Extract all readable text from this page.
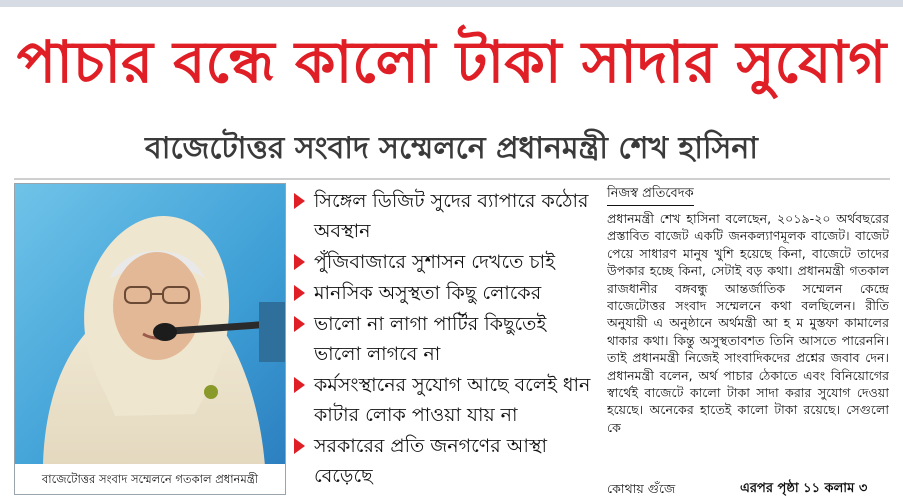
পাচার বন্ধে কালো টাকা সাদার সুযোগ
বাজেটোত্তর সংবাদ সম্মেলনে প্রধানমন্ত্রী শেখ হাসিনা
বাজেটোত্তর সংবাদ সম্মেলনে গতকাল প্রধানমন্ত্রী
সিঙ্গেল ডিজিট সুদের ব্যাপারে কঠোর অবস্থান
পুঁজিবাজারে সুশাসন দেখতে চাই
মানসিক অসুস্থতা কিছু লোকের
ভালো না লাগা পার্টির কিছুতেই ভালো লাগবে না
কর্মসংস্থানের সুযোগ আছে বলেই ধান কাটার লোক পাওয়া যায় না
সরকারের প্রতি জনগণের আস্থা বেড়েছে
নিজস্ব প্রতিবেদক

প্রধানমন্ত্রী শেখ হাসিনা বলেছেন, ২০১৯-২০ অর্থবছরের প্রস্তাবিত বাজেট একটি জনকল্যাণমূলক বাজেট। বাজেট পেয়ে সাধারণ মানুষ খুশি হয়েছে কিনা, বাজেটে তাদের উপকার হচ্ছে কিনা, সেটাই বড় কথা। প্রধানমন্ত্রী গতকাল রাজধানীর বঙ্গবন্ধু আন্তর্জাতিক সম্মেলন কেন্দ্রে বাজেটোত্তর সংবাদ সম্মেলনে কথা বলছিলেন। রীতি অনুযায়ী এ অনুষ্ঠানে অর্থমন্ত্রী আ হ ম মুস্তফা কামালের থাকার কথা। কিন্তু অসুস্থতাবশত তিনি আসতে পারেননি। তাই প্রধানমন্ত্রী নিজেই সাংবাদিকদের প্রশ্নের জবাব দেন। প্রধানমন্ত্রী বলেন, অর্থ পাচার ঠেকাতে এবং বিনিয়োগের স্বার্থেই বাজেটে কালো টাকা সাদা করার সুযোগ দেওয়া হয়েছে। অনেকের হাতেই কালো টাকা রয়েছে। সেগুলো কে

কোথায় গুঁজে	এরপর পৃষ্ঠা ১১ কলাম ৩
